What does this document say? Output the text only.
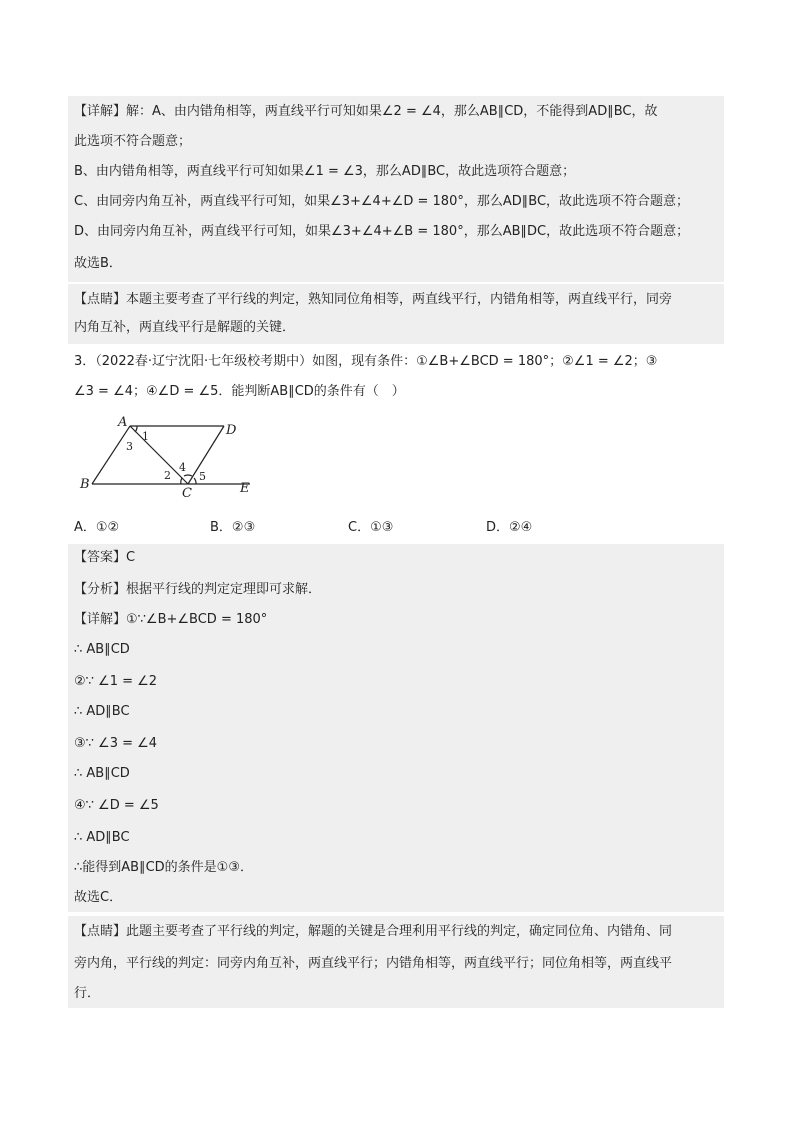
【详解】解：A、由内错角相等，两直线平行可知如果∠2 = ∠4，那么AB∥CD，不能得到AD∥BC，故
此选项不符合题意；
B、由内错角相等，两直线平行可知如果∠1 = ∠3，那么AD∥BC，故此选项符合题意；
C、由同旁内角互补，两直线平行可知，如果∠3+∠4+∠D = 180°，那么AD∥BC，故此选项不符合题意；
D、由同旁内角互补，两直线平行可知，如果∠3+∠4+∠B = 180°，那么AB∥DC，故此选项不符合题意；
故选B．
【点睛】本题主要考查了平行线的判定，熟知同位角相等，两直线平行，内错角相等，两直线平行，同旁
内角互补，两直线平行是解题的关键．
3．（2022春·辽宁沈阳·七年级校考期中）如图，现有条件：①∠B+∠BCD = 180°；②∠1 = ∠2；③
∠3 = ∠4；④∠D = ∠5．能判断AB∥CD的条件有（　）
A
B
C
D
E
1
3
2
4
5
A．①②	B．②③	C．①③	D．②④
【答案】C
【分析】根据平行线的判定定理即可求解．
【详解】①∵∠B+∠BCD = 180°
∴ AB∥CD
②∵ ∠1 = ∠2
∴ AD∥BC
③∵ ∠3 = ∠4
∴ AB∥CD
④∵ ∠D = ∠5
∴ AD∥BC
∴能得到AB∥CD的条件是①③．
故选C．
【点睛】此题主要考查了平行线的判定，解题的关键是合理利用平行线的判定，确定同位角、内错角、同
旁内角，平行线的判定：同旁内角互补，两直线平行；内错角相等，两直线平行；同位角相等，两直线平
行．
